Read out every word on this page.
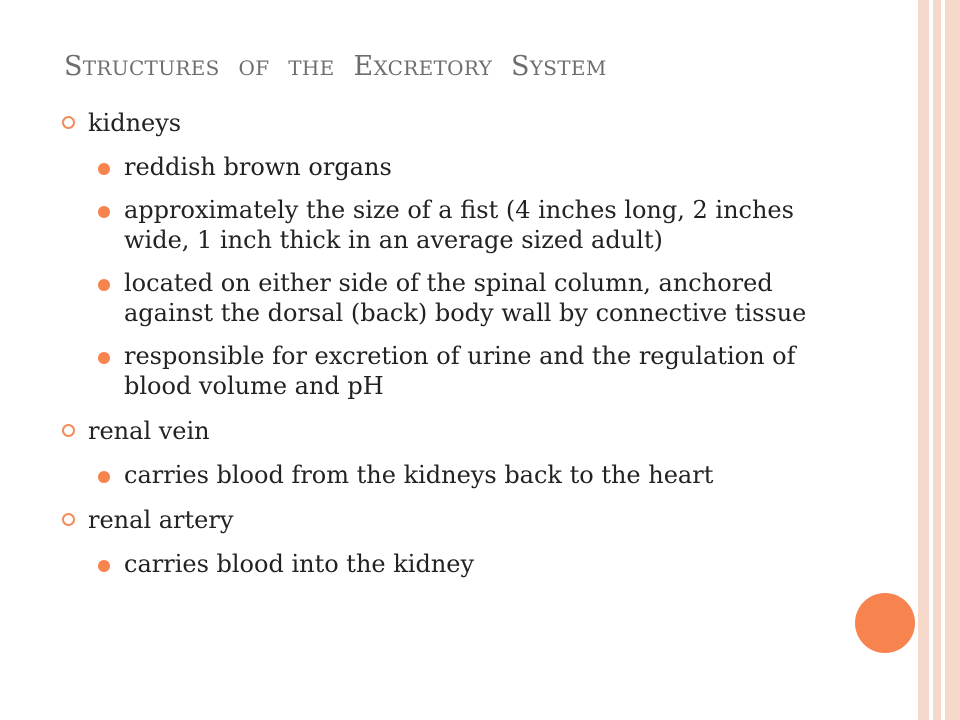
STRUCTURES OF THE EXCRETORY SYSTEM
kidneys
reddish brown organs
approximately the size of a fist (4 inches long, 2 inches wide, 1 inch thick in an average sized adult)
located on either side of the spinal column, anchored against the dorsal (back) body wall by connective tissue
responsible for excretion of urine and the regulation of blood volume and pH
renal vein
carries blood from the kidneys back to the heart
renal artery
carries blood into the kidney
